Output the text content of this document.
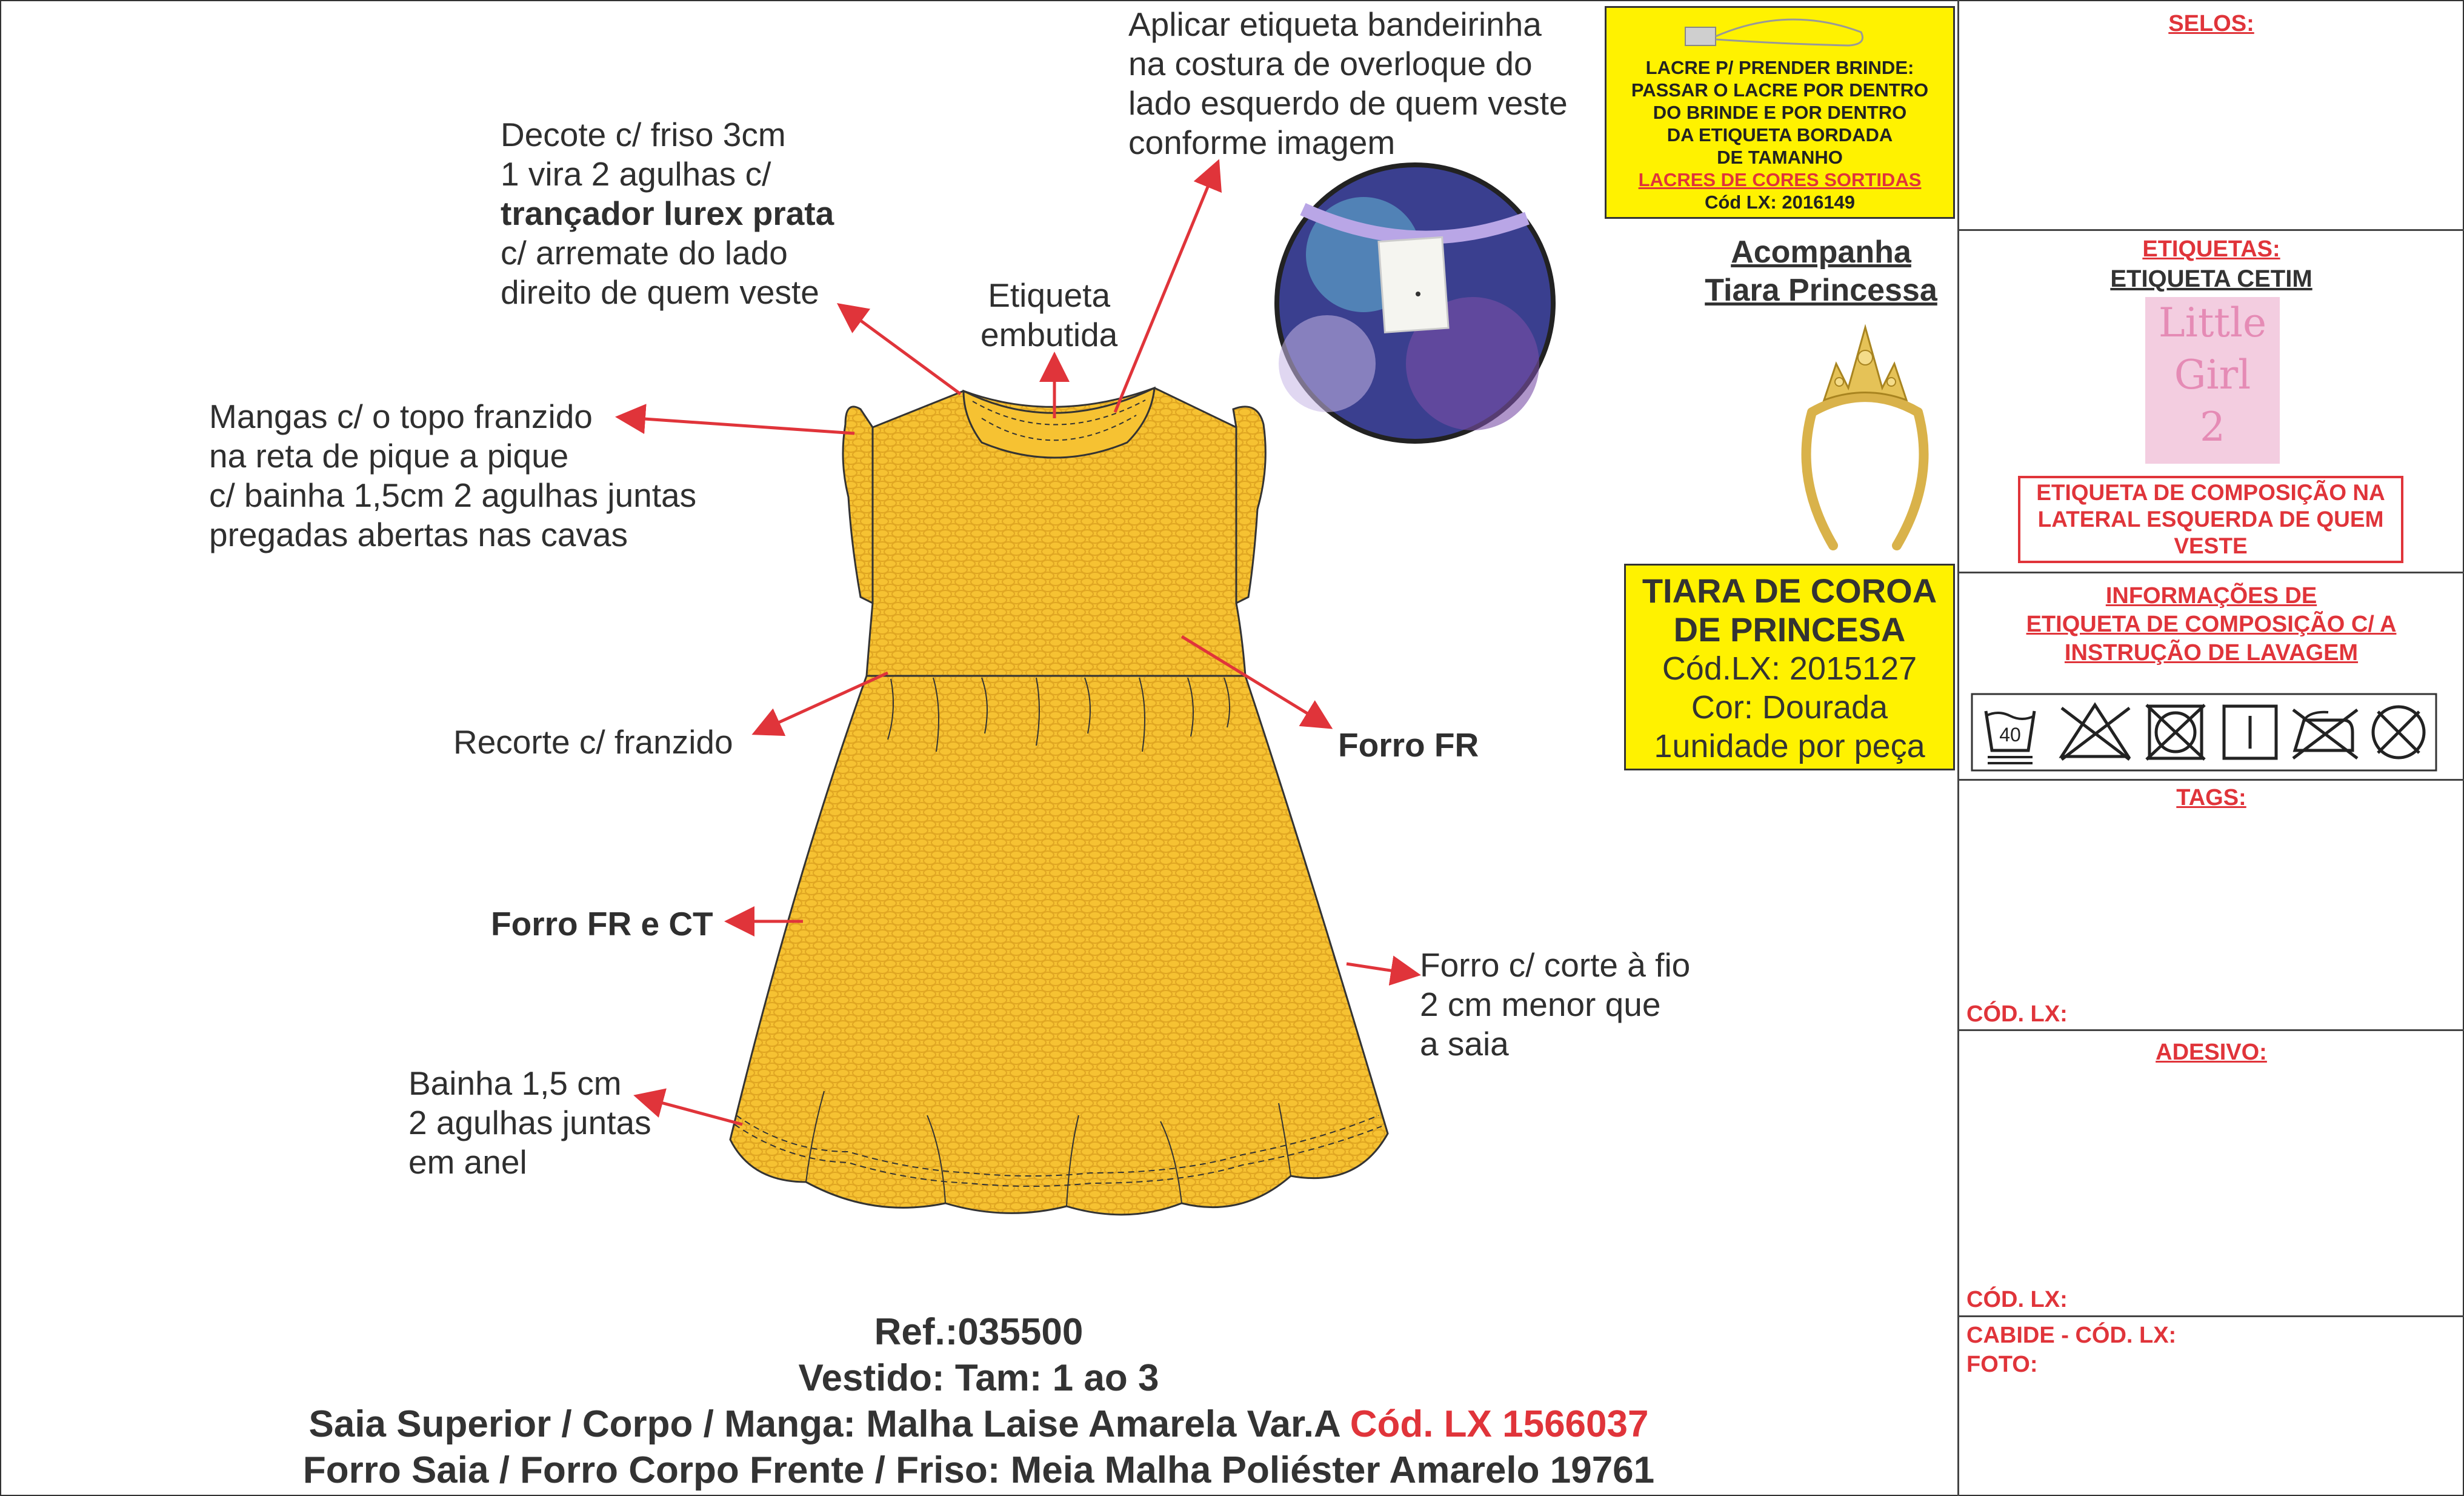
Aplicar etiqueta bandeirinha
na costura de overloque do
lado esquerdo de quem veste
conforme imagem
Decote c/ friso 3cm
1 vira 2 agulhas c/
trançador lurex prata
c/ arremate do lado
direito de quem veste	Etiqueta
embutida
Mangas c/ o topo franzido
na reta de pique a pique
c/ bainha 1,5cm 2 agulhas juntas
pregadas abertas nas cavas
Recorte c/ franzido	Forro FR
Forro FR e CT
Forro c/ corte à fio
2 cm menor que
a saia
Bainha 1,5 cm
2 agulhas juntas
em anel
LACRE P/ PRENDER BRINDE:
PASSAR O LACRE POR DENTRO
DO BRINDE E POR DENTRO
DA ETIQUETA BORDADA
DE TAMANHO
LACRES DE CORES SORTIDAS
Cód LX: 2016149
Acompanha
Tiara Princessa
TIARA DE COROA
DE PRINCESA
Cód.LX: 2015127
Cor: Dourada
1unidade por peça
Ref.:035500
Vestido: Tam: 1 ao 3
Saia Superior / Corpo / Manga: Malha Laise Amarela Var.A Cód. LX 1566037
Forro Saia / Forro Corpo Frente / Friso: Meia Malha Poliéster Amarelo 19761
SELOS:
ETIQUETAS:
ETIQUETA CETIM
Little
Girl
2
ETIQUETA DE COMPOSIÇÃO NA
LATERAL ESQUERDA DE QUEM
VESTE
INFORMAÇÕES DE
ETIQUETA DE COMPOSIÇÃO C/ A
INSTRUÇÃO DE LAVAGEM
40
TAGS:
CÓD. LX:
ADESIVO:
CÓD. LX:
CABIDE - CÓD. LX:
FOTO:
